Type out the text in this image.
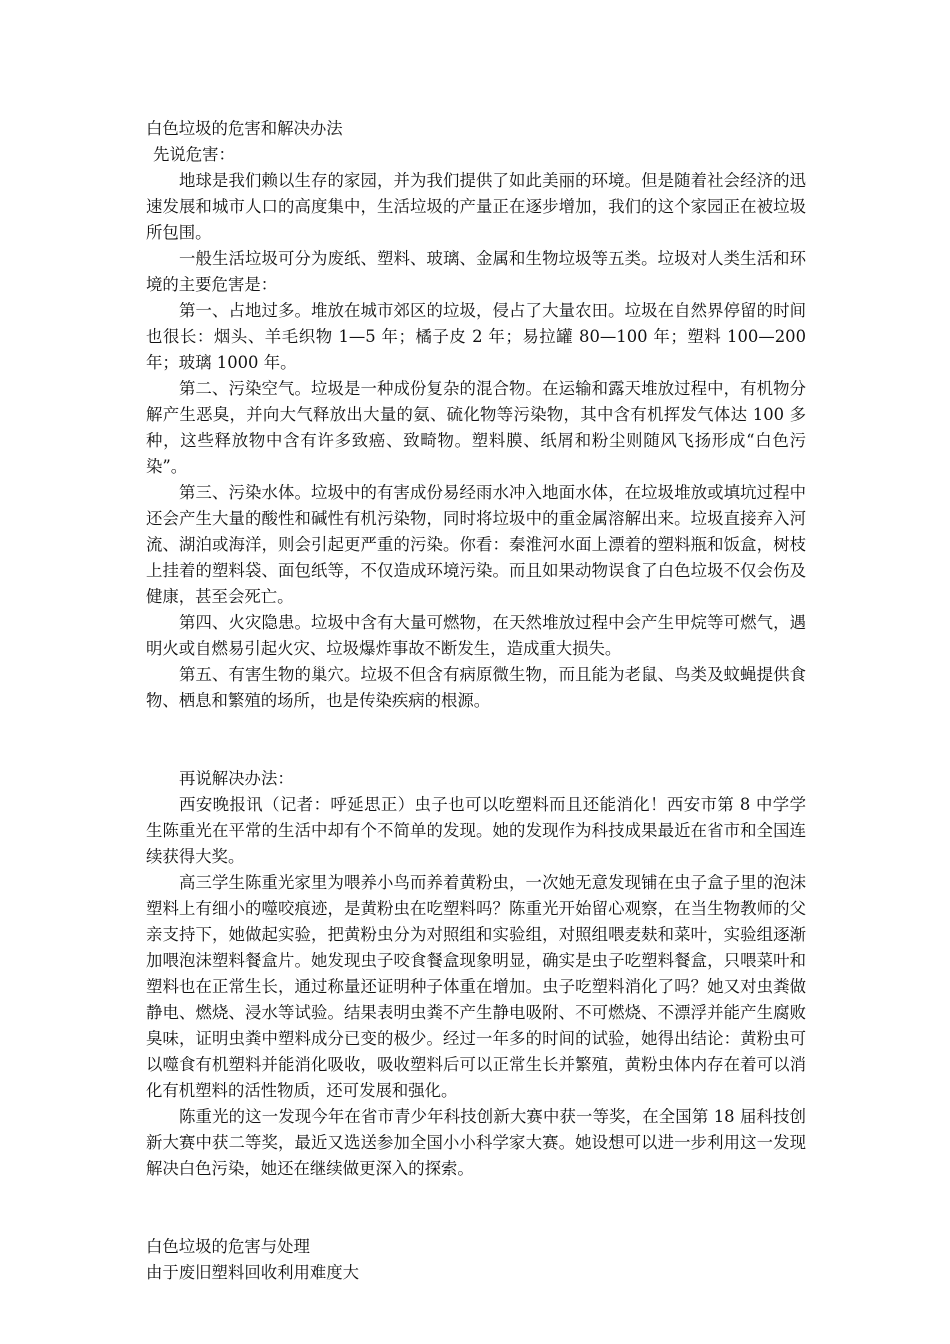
白色垃圾的危害和解决办法

先说危害：

地球是我们赖以生存的家园，并为我们提供了如此美丽的环境。但是随着社会经济的迅速发展和城市人口的高度集中，生活垃圾的产量正在逐步增加，我们的这个家园正在被垃圾所包围。

一般生活垃圾可分为废纸、塑料、玻璃、金属和生物垃圾等五类。垃圾对人类生活和环境的主要危害是：

第一、占地过多。堆放在城市郊区的垃圾，侵占了大量农田。垃圾在自然界停留的时间也很长：烟头、羊毛织物 1—5 年；橘子皮 2 年；易拉罐 80—100 年；塑料 100—200 年；玻璃 1000 年。

第二、污染空气。垃圾是一种成份复杂的混合物。在运输和露天堆放过程中，有机物分解产生恶臭，并向大气释放出大量的氨、硫化物等污染物，其中含有机挥发气体达 100 多种，这些释放物中含有许多致癌、致畸物。塑料膜、纸屑和粉尘则随风飞扬形成“白色污染”。

第三、污染水体。垃圾中的有害成份易经雨水冲入地面水体，在垃圾堆放或填坑过程中还会产生大量的酸性和碱性有机污染物，同时将垃圾中的重金属溶解出来。垃圾直接弃入河流、湖泊或海洋，则会引起更严重的污染。你看：秦淮河水面上漂着的塑料瓶和饭盒，树枝上挂着的塑料袋、面包纸等，不仅造成环境污染。而且如果动物误食了白色垃圾不仅会伤及健康，甚至会死亡。

第四、火灾隐患。垃圾中含有大量可燃物，在天然堆放过程中会产生甲烷等可燃气，遇明火或自燃易引起火灾、垃圾爆炸事故不断发生，造成重大损失。

第五、有害生物的巢穴。垃圾不但含有病原微生物，而且能为老鼠、鸟类及蚊蝇提供食物、栖息和繁殖的场所，也是传染疾病的根源。

再说解决办法：

西安晚报讯（记者：呼延思正）虫子也可以吃塑料而且还能消化！西安市第 8 中学学生陈重光在平常的生活中却有个不简单的发现。她的发现作为科技成果最近在省市和全国连续获得大奖。

高三学生陈重光家里为喂养小鸟而养着黄粉虫，一次她无意发现铺在虫子盒子里的泡沫塑料上有细小的噬咬痕迹，是黄粉虫在吃塑料吗？陈重光开始留心观察，在当生物教师的父亲支持下，她做起实验，把黄粉虫分为对照组和实验组，对照组喂麦麸和菜叶，实验组逐渐加喂泡沫塑料餐盒片。她发现虫子咬食餐盒现象明显，确实是虫子吃塑料餐盒，只喂菜叶和塑料也在正常生长，通过称量还证明种子体重在增加。虫子吃塑料消化了吗？她又对虫粪做静电、燃烧、浸水等试验。结果表明虫粪不产生静电吸附、不可燃烧、不漂浮并能产生腐败臭味，证明虫粪中塑料成分已变的极少。经过一年多的时间的试验，她得出结论：黄粉虫可以噬食有机塑料并能消化吸收，吸收塑料后可以正常生长并繁殖，黄粉虫体内存在着可以消化有机塑料的活性物质，还可发展和强化。

陈重光的这一发现今年在省市青少年科技创新大赛中获一等奖，在全国第 18 届科技创新大赛中获二等奖，最近又选送参加全国小小科学家大赛。她设想可以进一步利用这一发现解决白色污染，她还在继续做更深入的探索。

白色垃圾的危害与处理

由于废旧塑料回收利用难度大
